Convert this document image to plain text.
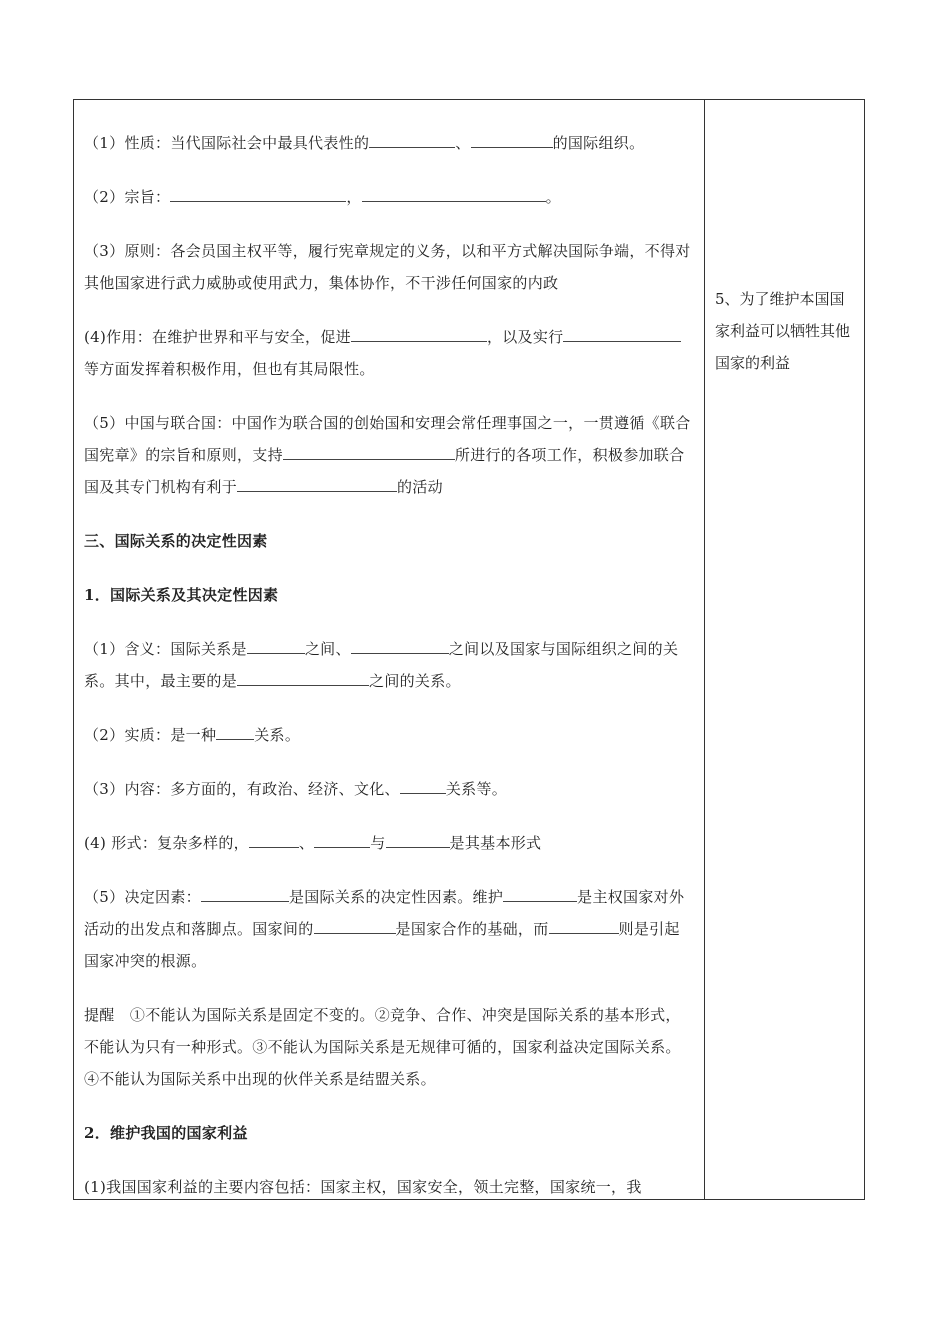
（1）性质：当代国际社会中最具代表性的	、	的国际组织。

（2）宗旨：	，	。

（3）原则：各会员国主权平等，履行宪章规定的义务，以和平方式解决国际争端，不得对其他国家进行武力威胁或使用武力，集体协作，不干涉任何国家的内政

(4)作用：在维护世界和平与安全，促进	，以及实行等方面发挥着积极作用，但也有其局限性。

（5）中国与联合国：中国作为联合国的创始国和安理会常任理事国之一，一贯遵循《联合国宪章》的宗旨和原则，支持	所进行的各项工作，积极参加联合国及其专门机构有利于	的活动

三、国际关系的决定性因素

1．国际关系及其决定性因素

（1）含义：国际关系是	之间、	之间以及国家与国际组织之间的关系。其中，最主要的是	之间的关系。

（2）实质：是一种	关系。

（3）内容：多方面的，有政治、经济、文化、	关系等。

(4) 形式：复杂多样的，	、	与	是其基本形式

（5）决定因素：	是国际关系的决定性因素。维护	是主权国家对外活动的出发点和落脚点。国家间的	是国家合作的基础，而	则是引起国家冲突的根源。

提醒　①不能认为国际关系是固定不变的。②竞争、合作、冲突是国际关系的基本形式，不能认为只有一种形式。③不能认为国际关系是无规律可循的，国家利益决定国际关系。④不能认为国际关系中出现的伙伴关系是结盟关系。

2．维护我国的国家利益

(1)我国国家利益的主要内容包括：国家主权，国家安全，领土完整，国家统一，我

5、为了维护本国国家利益可以牺牲其他国家的利益
